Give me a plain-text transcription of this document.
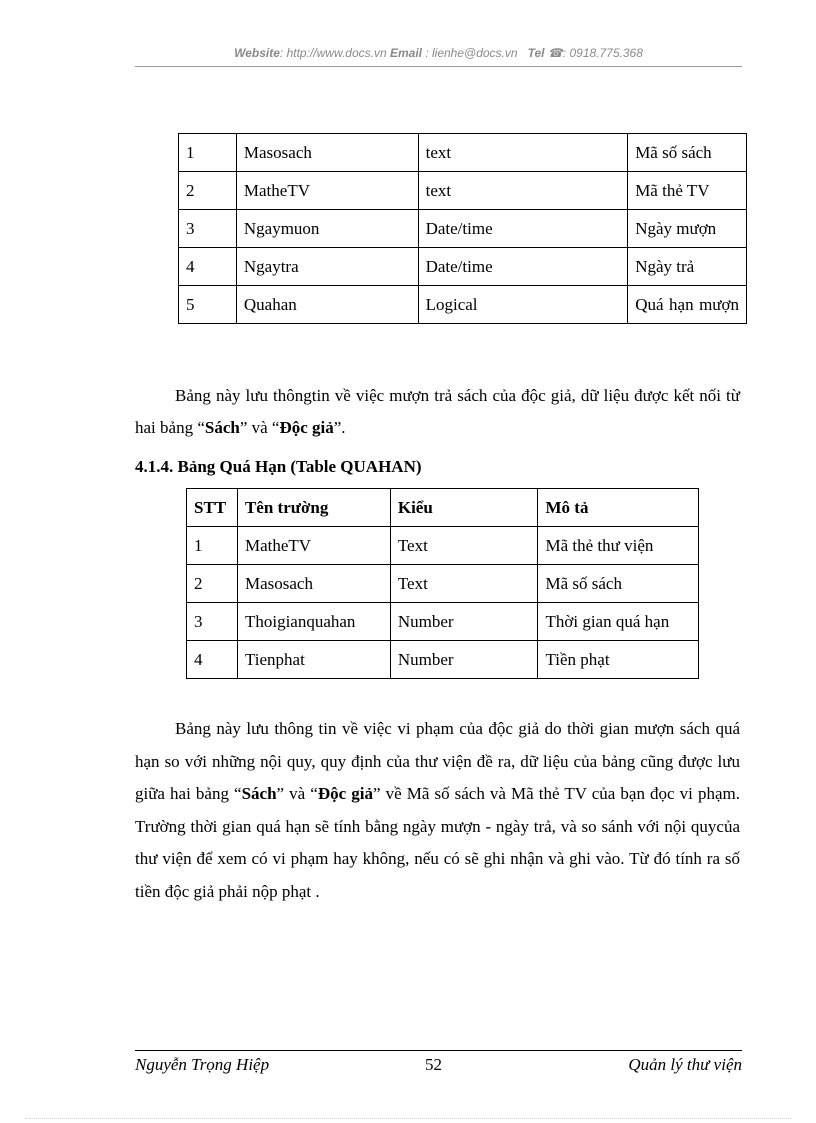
Website: http://www.docs.vn Email : lienhe@docs.vn Tel ☎: 0918.775.368
1	Masosach	text	Mã số sách
2	MatheTV	text	Mã thẻ TV
3	Ngaymuon	Date/time	Ngày mượn
4	Ngaytra	Date/time	Ngày trả
5	Quahan	Logical	Quá hạn mượn
Bảng này lưu thôngtin về việc mượn trả sách của độc giả, dữ liệu được kết nối từ hai bảng “Sách” và “Độc giả”.
4.1.4. Bảng Quá Hạn (Table QUAHAN)
STT	Tên trường	Kiểu	Mô tả
1	MatheTV	Text	Mã thẻ thư viện
2	Masosach	Text	Mã số sách
3	Thoigianquahan	Number	Thời gian quá hạn
4	Tienphat	Number	Tiền phạt
Bảng này lưu thông tin về việc vi phạm của độc giả do thời gian mượn sách quá hạn so với những nội quy, quy định của thư viện đề ra, dữ liệu của bảng cũng được lưu giữa hai bảng “Sách” và “Độc giả” về Mã số sách và Mã thẻ TV của bạn đọc vi phạm. Trường thời gian quá hạn sẽ tính bằng ngày mượn - ngày trả, và so sánh với nội quycủa thư viện để xem có vi phạm hay không, nếu có sẽ ghi nhận và ghi vào. Từ đó tính ra số tiền độc giả phải nộp phạt .
Nguyễn Trọng Hiệp	52	Quản lý thư viện
